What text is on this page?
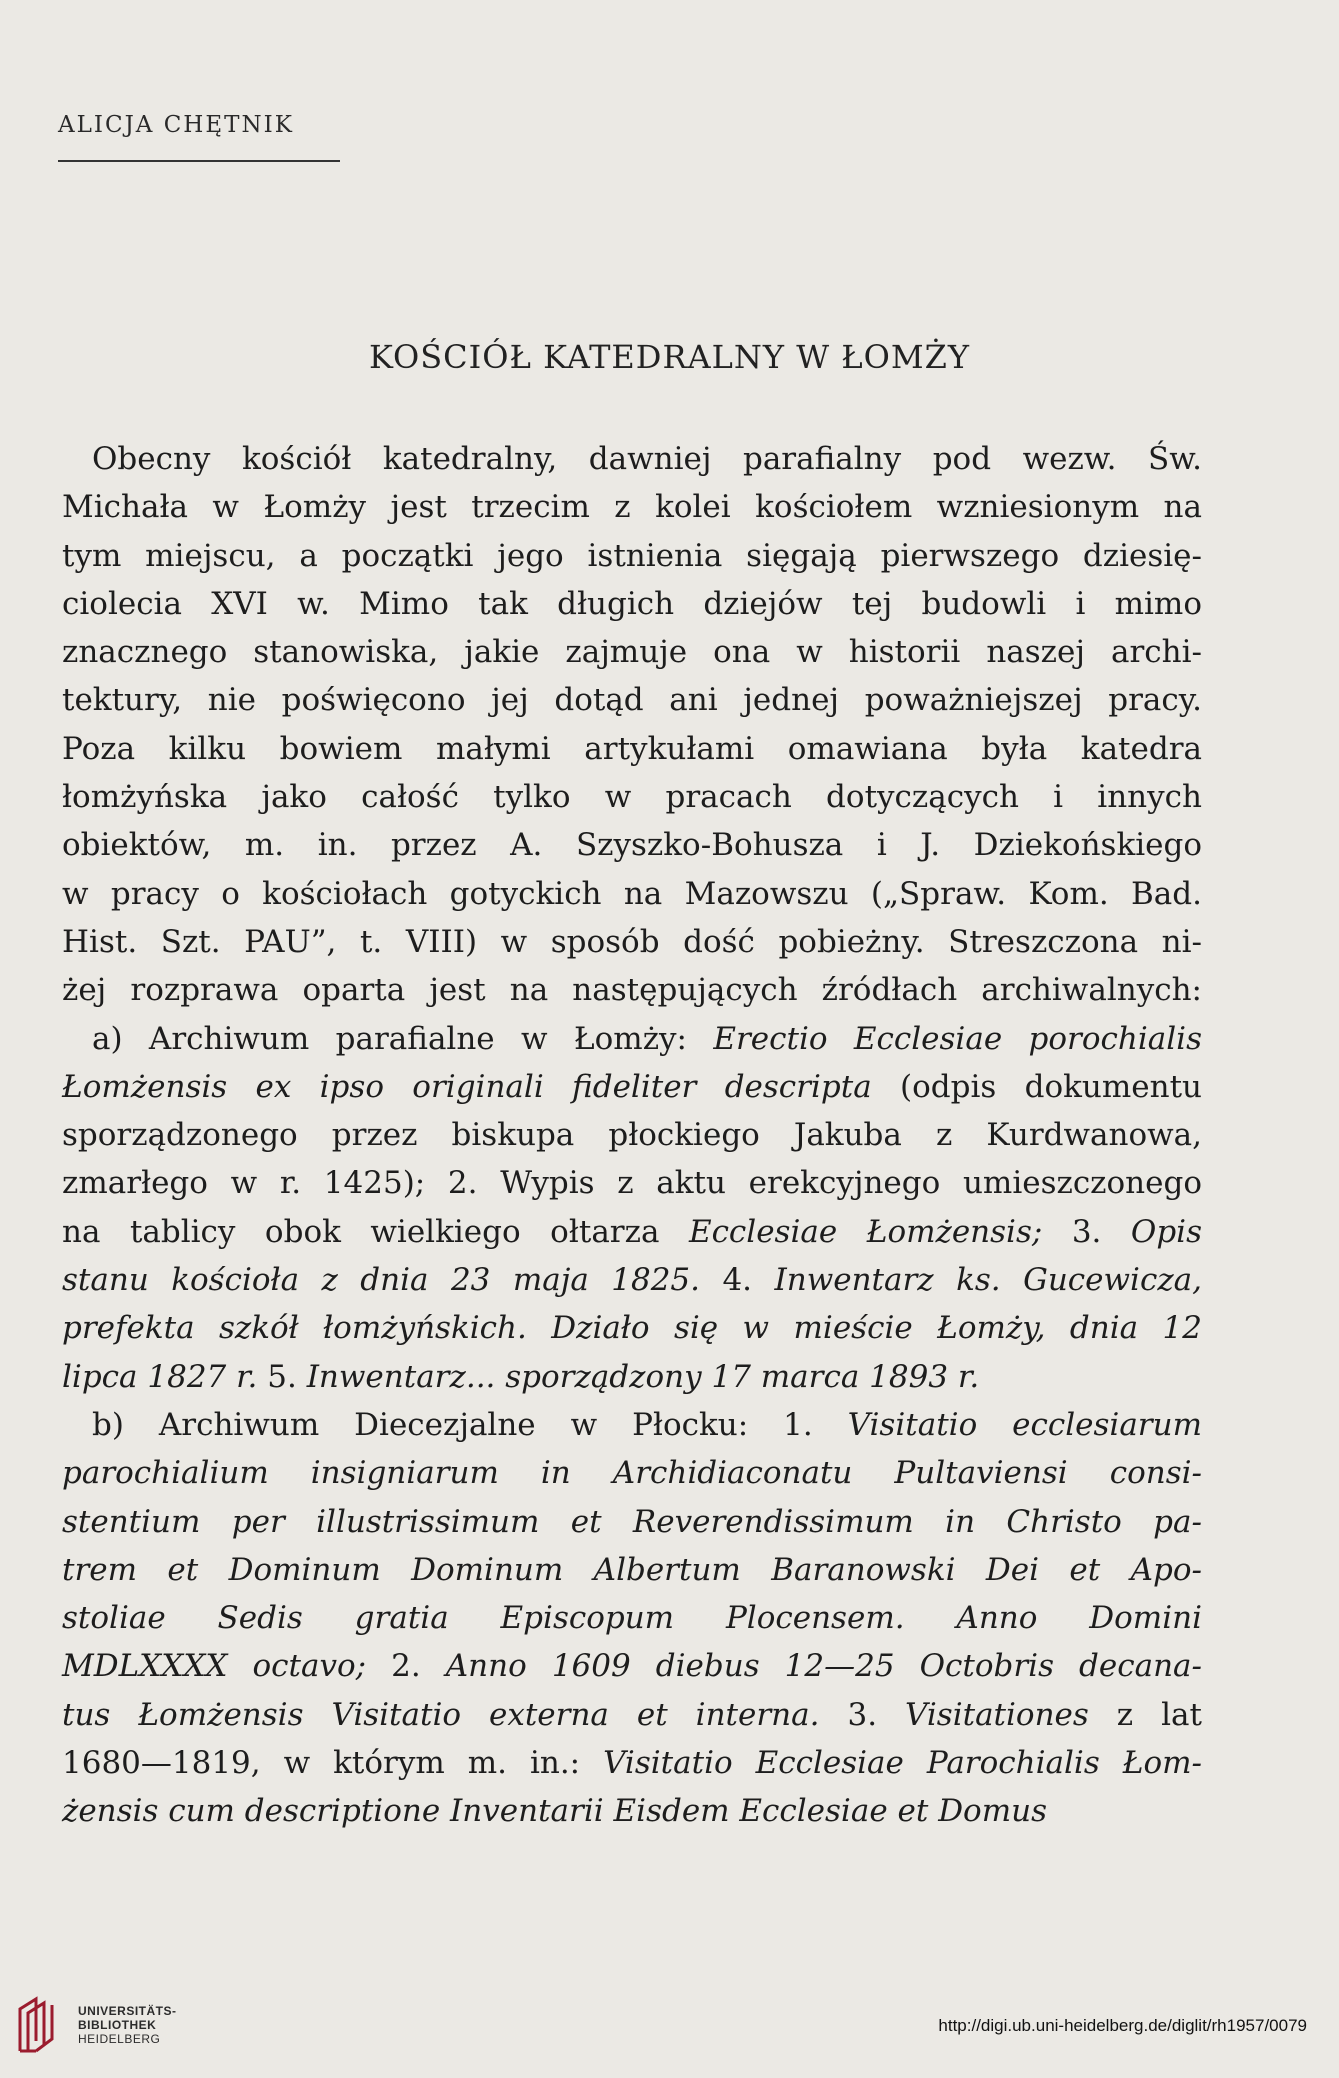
ALICJA CHĘTNIK
KOŚCIÓŁ KATEDRALNY W ŁOMŻY
Obecny kościół katedralny, dawniej parafialny pod wezw. Św.
Michała w Łomży jest trzecim z kolei kościołem wzniesionym na
tym miejscu, a początki jego istnienia sięgają pierwszego dziesię-
ciolecia XVI w. Mimo tak długich dziejów tej budowli i mimo
znacznego stanowiska, jakie zajmuje ona w historii naszej archi-
tektury, nie poświęcono jej dotąd ani jednej poważniejszej pracy.
Poza kilku bowiem małymi artykułami omawiana była katedra
łomżyńska jako całość tylko w pracach dotyczących i innych
obiektów, m. in. przez A. Szyszko-Bohusza i J. Dziekońskiego
w pracy o kościołach gotyckich na Mazowszu („Spraw. Kom. Bad.
Hist. Szt. PAU”, t. VIII) w sposób dość pobieżny. Streszczona ni-
żej rozprawa oparta jest na następujących źródłach archiwalnych:
a) Archiwum parafialne w Łomży: Erectio Ecclesiae porochialis
Łomżensis ex ipso originali fideliter descripta (odpis dokumentu
sporządzonego przez biskupa płockiego Jakuba z Kurdwanowa,
zmarłego w r. 1425); 2. Wypis z aktu erekcyjnego umieszczonego
na tablicy obok wielkiego ołtarza Ecclesiae Łomżensis; 3. Opis
stanu kościoła z dnia 23 maja 1825. 4. Inwentarz ks. Gucewicza,
prefekta szkół łomżyńskich. Działo się w mieście Łomży, dnia 12
lipca 1827 r. 5. Inwentarz... sporządzony 17 marca 1893 r.
b) Archiwum Diecezjalne w Płocku: 1. Visitatio ecclesiarum
parochialium insigniarum in Archidiaconatu Pultaviensi consi-
stentium per illustrissimum et Reverendissimum in Christo pa-
trem et Dominum Dominum Albertum Baranowski Dei et Apo-
stoliae Sedis gratia Episcopum Plocensem. Anno Domini
MDLXXXX octavo; 2. Anno 1609 diebus 12—25 Octobris decana-
tus Łomżensis Visitatio externa et interna. 3. Visitationes z lat
1680—1819, w którym m. in.: Visitatio Ecclesiae Parochialis Łom-
żensis cum descriptione Inventarii Eisdem Ecclesiae et Domus
UNIVERSITÄTS-
BIBLIOTHEK
HEIDELBERG
http://digi.ub.uni-heidelberg.de/diglit/rh1957/0079
